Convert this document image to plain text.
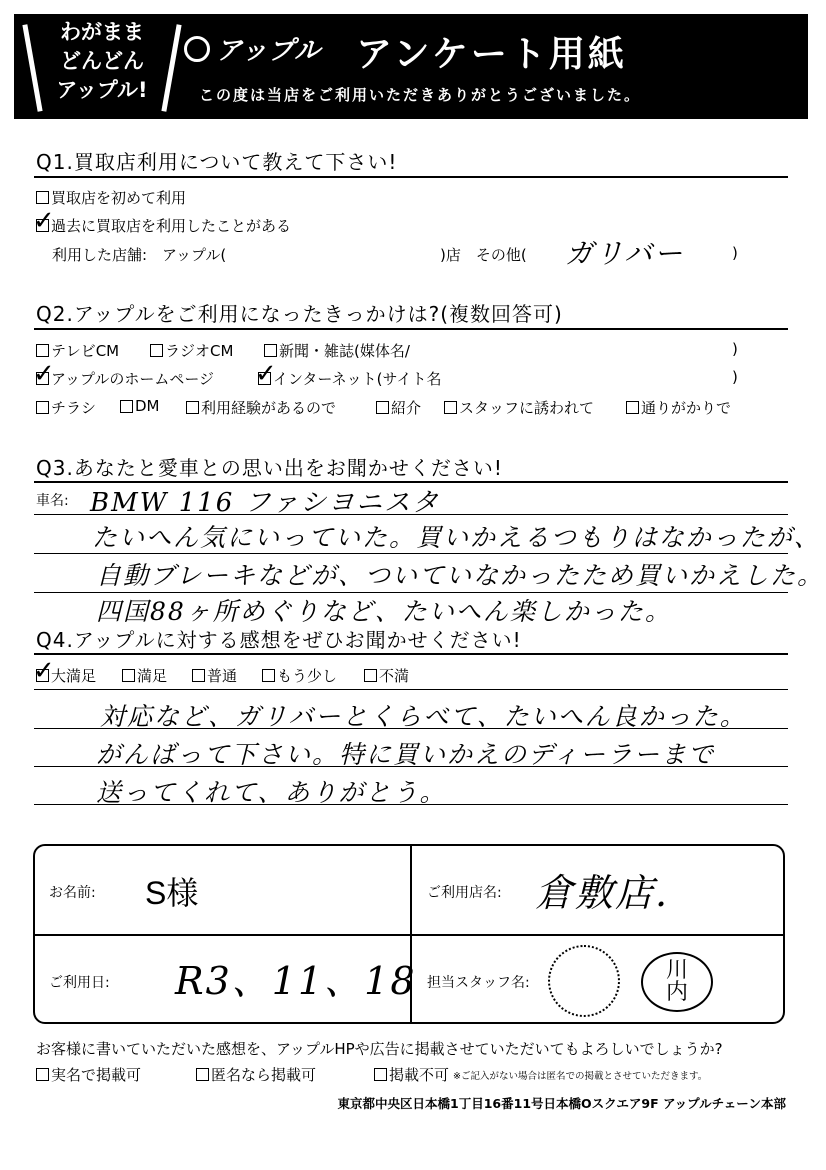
わがまま
どんどん
アップル!
アップル アンケート用紙
この度は当店をご利用いただきありがとうございました。
Q1.買取店利用について教えて下さい!
買取店を初めて利用
✓
過去に買取店を利用したことがある
利用した店舗:　アップル(	)店　その他( ガリバー	)
Q2.アップルをご利用になったきっかけは?(複数回答可)
テレビCM	ラジオCM	新聞・雑誌(媒体名/	)
✓
アップルのホームページ ✓
インターネット(サイト名	)
チラシ	DM	利用経験があるので	紹介	スタッフに誘われて	通りがかりで
Q3.あなたと愛車との思い出をお聞かせください!
車名: BMW 116 ファシヨニスタ
たいへん気にいっていた。買いかえるつもりはなかったが、
自動ブレーキなどが、ついていなかったため買いかえした。
四国88ヶ所めぐりなど、たいへん楽しかった。
Q4.アップルに対する感想をぜひお聞かせください!
✓
大満足	満足	普通	もう少し	不満
対応など、ガリバーとくらべて、たいへん良かった。
がんばって下さい。特に買いかえのディーラーまで
送ってくれて、ありがとう。
お名前: S様	ご利用店名: 倉敷店.
ご利用日: R3、11、18 担当スタッフ名:	川内
お客様に書いていただいた感想を、アップルHPや広告に掲載させていただいてもよろしいでしょうか?
実名で掲載可	匿名なら掲載可	掲載不可 ※ご記入がない場合は匿名での掲載とさせていただきます。
東京都中央区日本橋1丁目16番11号日本橋Oスクエア9F アップルチェーン本部
